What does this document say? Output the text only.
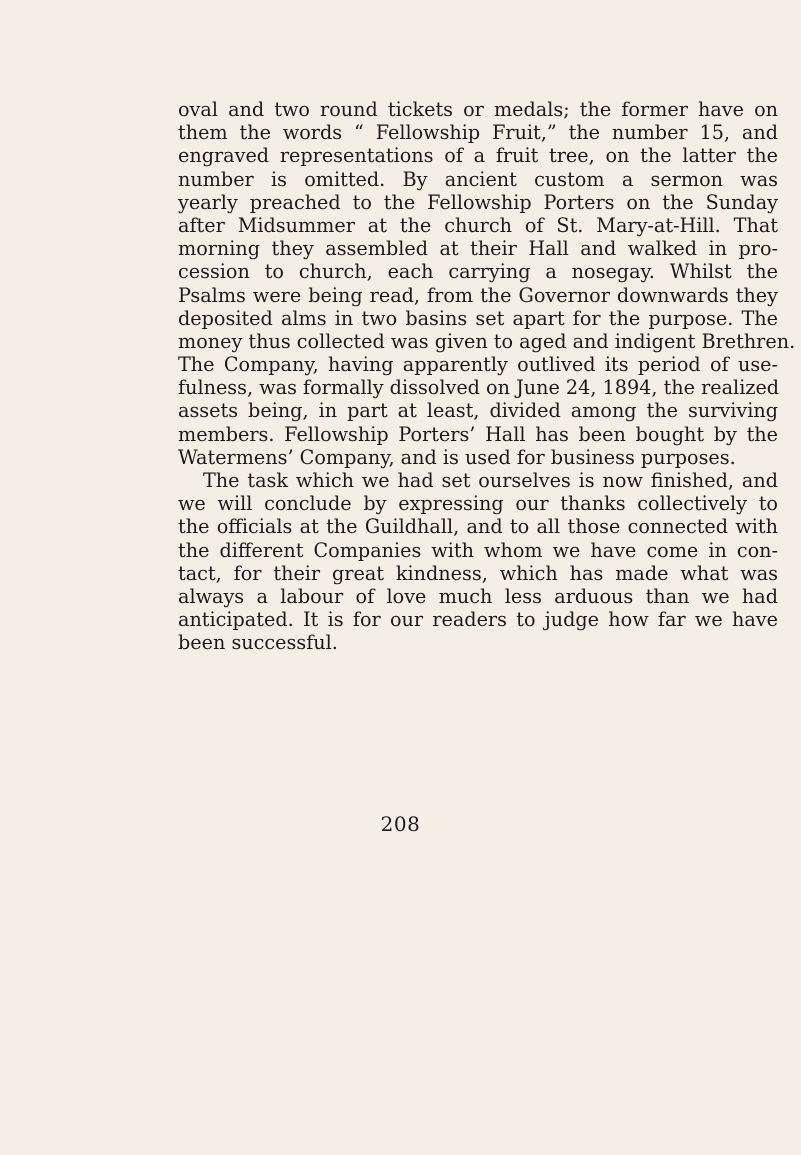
oval and two round tickets or medals; the former have on
them the words “ Fellowship Fruit,” the number 15, and
engraved representations of a fruit tree, on the latter the
number is omitted. By ancient custom a sermon was
yearly preached to the Fellowship Porters on the Sunday
after Midsummer at the church of St. Mary-at-Hill. That
morning they assembled at their Hall and walked in pro-
cession to church, each carrying a nosegay. Whilst the
Psalms were being read, from the Governor downwards they
deposited alms in two basins set apart for the purpose. The
money thus collected was given to aged and indigent Brethren.
The Company, having apparently outlived its period of use-
fulness, was formally dissolved on June 24, 1894, the realized
assets being, in part at least, divided among the surviving
members. Fellowship Porters’ Hall has been bought by the
Watermens’ Company, and is used for business purposes.
The task which we had set ourselves is now finished, and
we will conclude by expressing our thanks collectively to
the officials at the Guildhall, and to all those connected with
the different Companies with whom we have come in con-
tact, for their great kindness, which has made what was
always a labour of love much less arduous than we had
anticipated. It is for our readers to judge how far we have
been successful.
208
